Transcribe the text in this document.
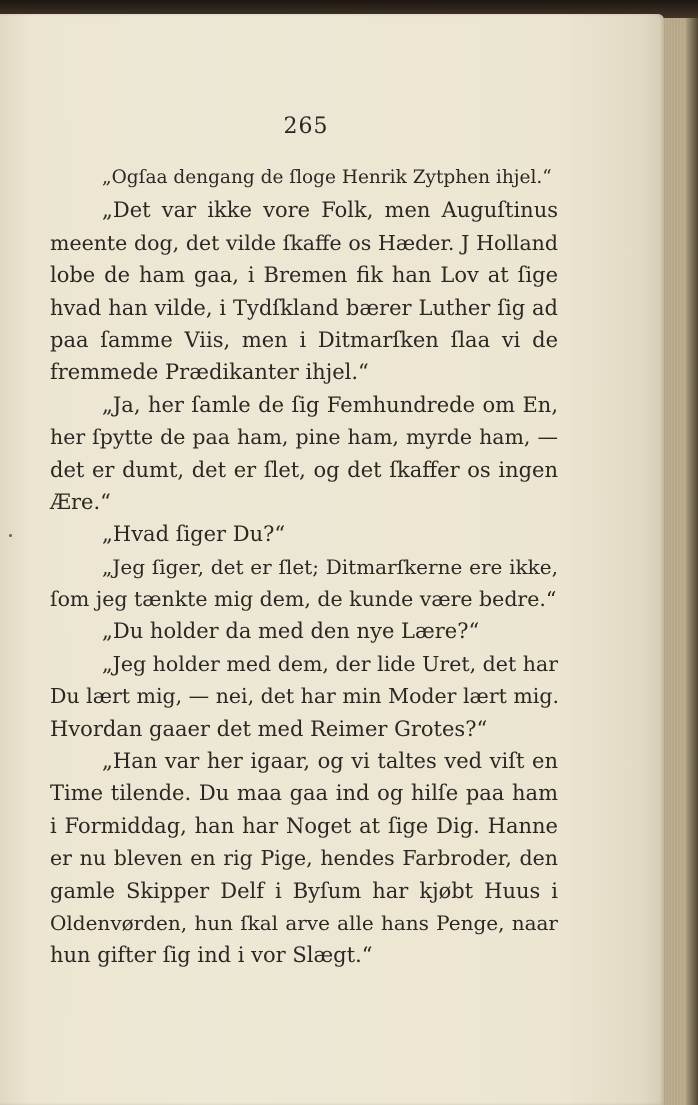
265
„Ogſaa dengang de ſloge Henrik Zytphen ihjel.“
„Det var ikke vore Folk, men Auguſtinus
meente dog, det vilde ſkaffe os Hæder. J Holland
lobe de ham gaa, i Bremen fik han Lov at ſige
hvad han vilde, i Tydſkland bærer Luther ſig ad
paa ſamme Viis, men i Ditmarſken ſlaa vi de
fremmede Prædikanter ihjel.“
„Ja, her ſamle de ſig Femhundrede om En,
her ſpytte de paa ham, pine ham, myrde ham, —
det er dumt, det er ſlet, og det ſkaffer os ingen
Ære.“
„Hvad ſiger Du?“
„Jeg ſiger, det er ſlet; Ditmarſkerne ere ikke,
ſom jeg tænkte mig dem, de kunde være bedre.“
„Du holder da med den nye Lære?“
„Jeg holder med dem, der lide Uret, det har
Du lært mig, — nei, det har min Moder lært mig.
Hvordan gaaer det med Reimer Grotes?“
„Han var her igaar, og vi taltes ved viſt en
Time tilende. Du maa gaa ind og hilſe paa ham
i Formiddag, han har Noget at ſige Dig. Hanne
er nu bleven en rig Pige, hendes Farbroder, den
gamle Skipper Delf i Byſum har kjøbt Huus i
Oldenvørden, hun ſkal arve alle hans Penge, naar
hun gifter ſig ind i vor Slægt.“
